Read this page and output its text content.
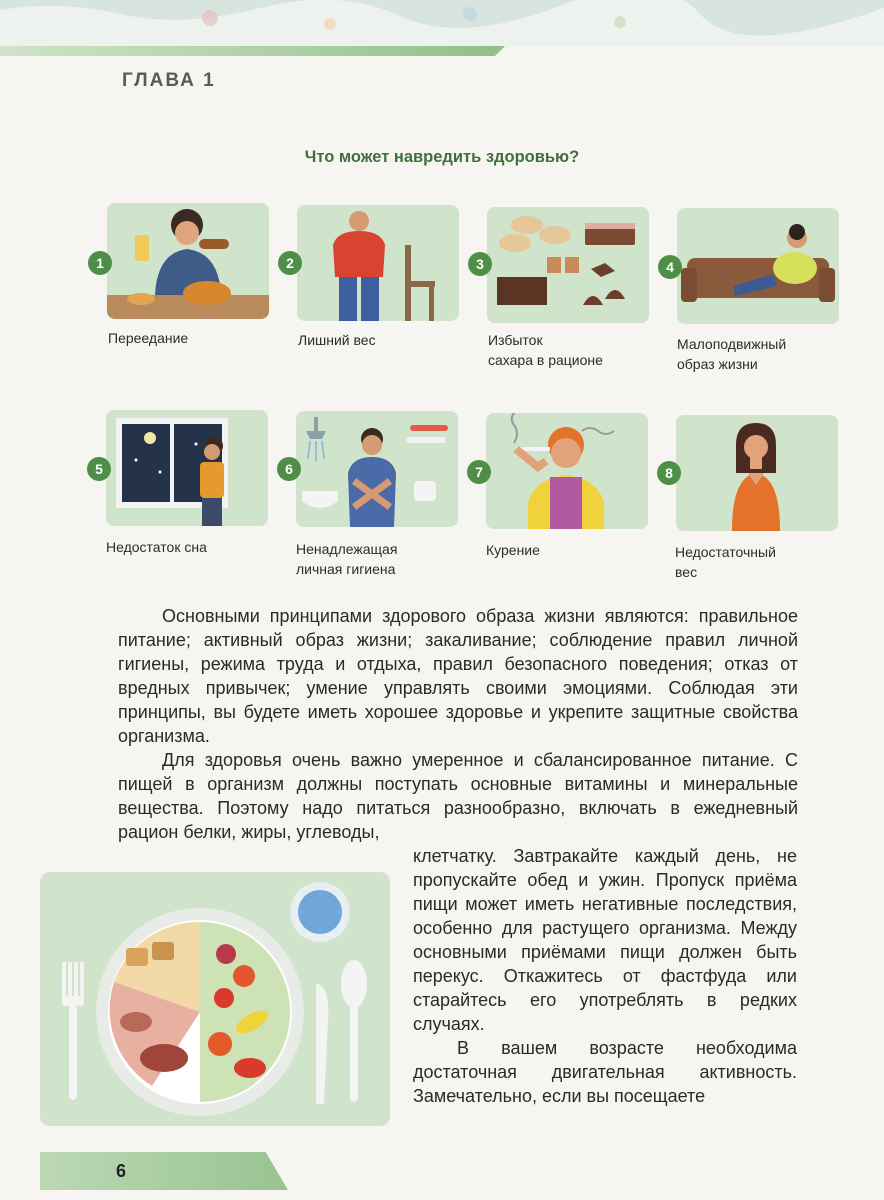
ГЛАВА 1
Что может навредить здоровью?
1
Переедание
2
Лишний вес
3
Избыток
сахара в рационе
4
Малоподвижный
образ жизни
5
Недостаток сна
6
Ненадлежащая
личная гигиена
7
Курение
8
Недостаточный
вес

Основными принципами здорового образа жизни являются: правильное питание; активный образ жизни; закаливание; соблюдение правил личной гигиены, режима труда и отдыха, правил безопасного поведения; отказ от вредных привычек; умение управлять своими эмоциями. Соблюдая эти принципы, вы будете иметь хорошее здоровье и укрепите защитные свойства организма.

Для здоровья очень важно умеренное и сбалансированное питание. С пищей в организм должны поступать основные витамины и минеральные вещества. Поэтому надо питаться разнообразно, включать в ежедневный рацион белки, жиры, углеводы,

клетчатку. Завтракайте каждый день, не пропускайте обед и ужин. Пропуск приёма пищи может иметь негативные последствия, особенно для растущего организма. Между основными приёмами пищи должен быть перекус. Откажитесь от фастфуда или старайтесь его употреблять в редких случаях.

В вашем возрасте необходима достаточная двигательная активность. Замечательно, если вы посещаете

6
